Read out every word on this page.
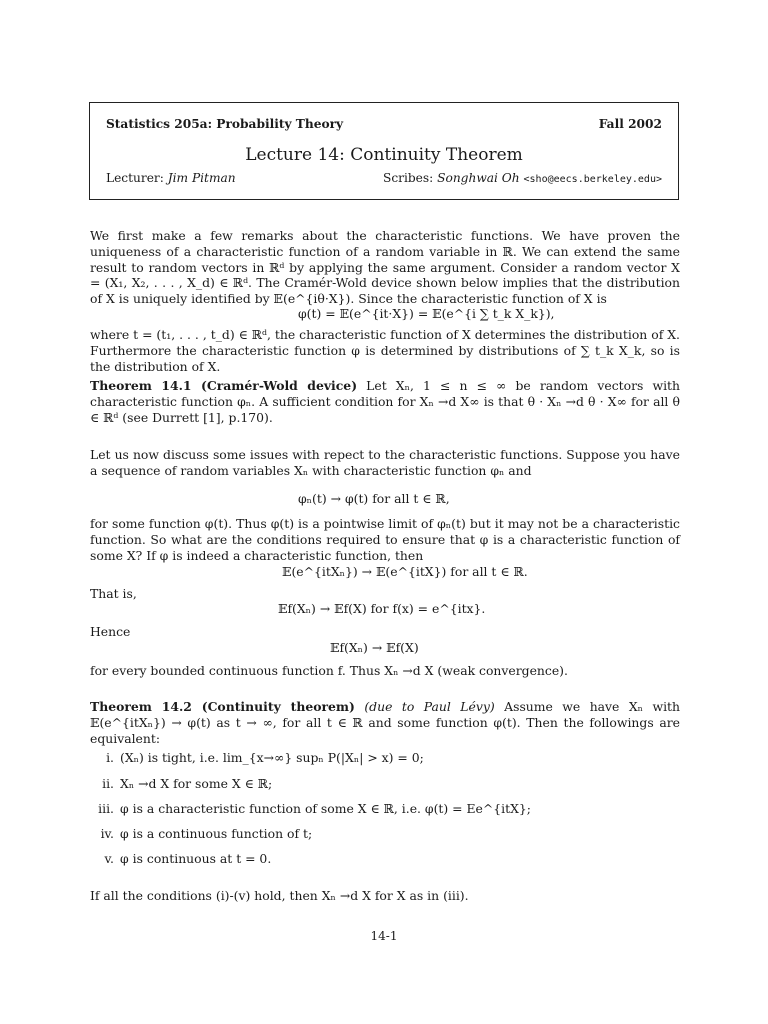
Statistics 205a: Probability Theory	Fall 2002
Lecture 14: Continuity Theorem
Lecturer: Jim Pitman	Scribes: Songhwai Oh <sho@eecs.berkeley.edu>
We first make a few remarks about the characteristic functions. We have proven the uniqueness of a characteristic function of a random variable in ℝ. We can extend the same result to random vectors in ℝᵈ by applying the same argument. Consider a random vector X = (X₁, X₂, . . . , X_d) ∈ ℝᵈ. The Cramér-Wold device shown below implies that the distribution of X is uniquely identified by 𝔼(e^{iθ·X}). Since the characteristic function of X is
φ(t) = 𝔼(e^{it·X}) = 𝔼(e^{i ∑ t_k X_k}),
where t = (t₁, . . . , t_d) ∈ ℝᵈ, the characteristic function of X determines the distribution of X. Furthermore the characteristic function φ is determined by distributions of ∑ t_k X_k, so is the distribution of X.
Theorem 14.1 (Cramér-Wold device) Let Xₙ, 1 ≤ n ≤ ∞ be random vectors with characteristic function φₙ. A sufficient condition for Xₙ →d X∞ is that θ · Xₙ →d θ · X∞ for all θ ∈ ℝᵈ (see Durrett [1], p.170).
Let us now discuss some issues with repect to the characteristic functions. Suppose you have a sequence of random variables Xₙ with characteristic function φₙ and
φₙ(t) → φ(t) for all t ∈ ℝ,
for some function φ(t). Thus φ(t) is a pointwise limit of φₙ(t) but it may not be a characteristic function. So what are the conditions required to ensure that φ is a characteristic function of some X? If φ is indeed a characteristic function, then
𝔼(e^{itXₙ}) → 𝔼(e^{itX}) for all t ∈ ℝ.
That is,
𝔼f(Xₙ) → 𝔼f(X) for f(x) = e^{itx}.
Hence
𝔼f(Xₙ) → 𝔼f(X)
for every bounded continuous function f. Thus Xₙ →d X (weak convergence).
Theorem 14.2 (Continuity theorem) (due to Paul Lévy) Assume we have Xₙ with 𝔼(e^{itXₙ}) → φ(t) as t → ∞, for all t ∈ ℝ and some function φ(t). Then the followings are equivalent:
i. (Xₙ) is tight, i.e. lim_{x→∞} supₙ P(|Xₙ| > x) = 0;
ii. Xₙ →d X for some X ∈ ℝ;
iii. φ is a characteristic function of some X ∈ ℝ, i.e. φ(t) = Ee^{itX};
iv. φ is a continuous function of t;
v. φ is continuous at t = 0.
If all the conditions (i)-(v) hold, then Xₙ →d X for X as in (iii).
14-1
